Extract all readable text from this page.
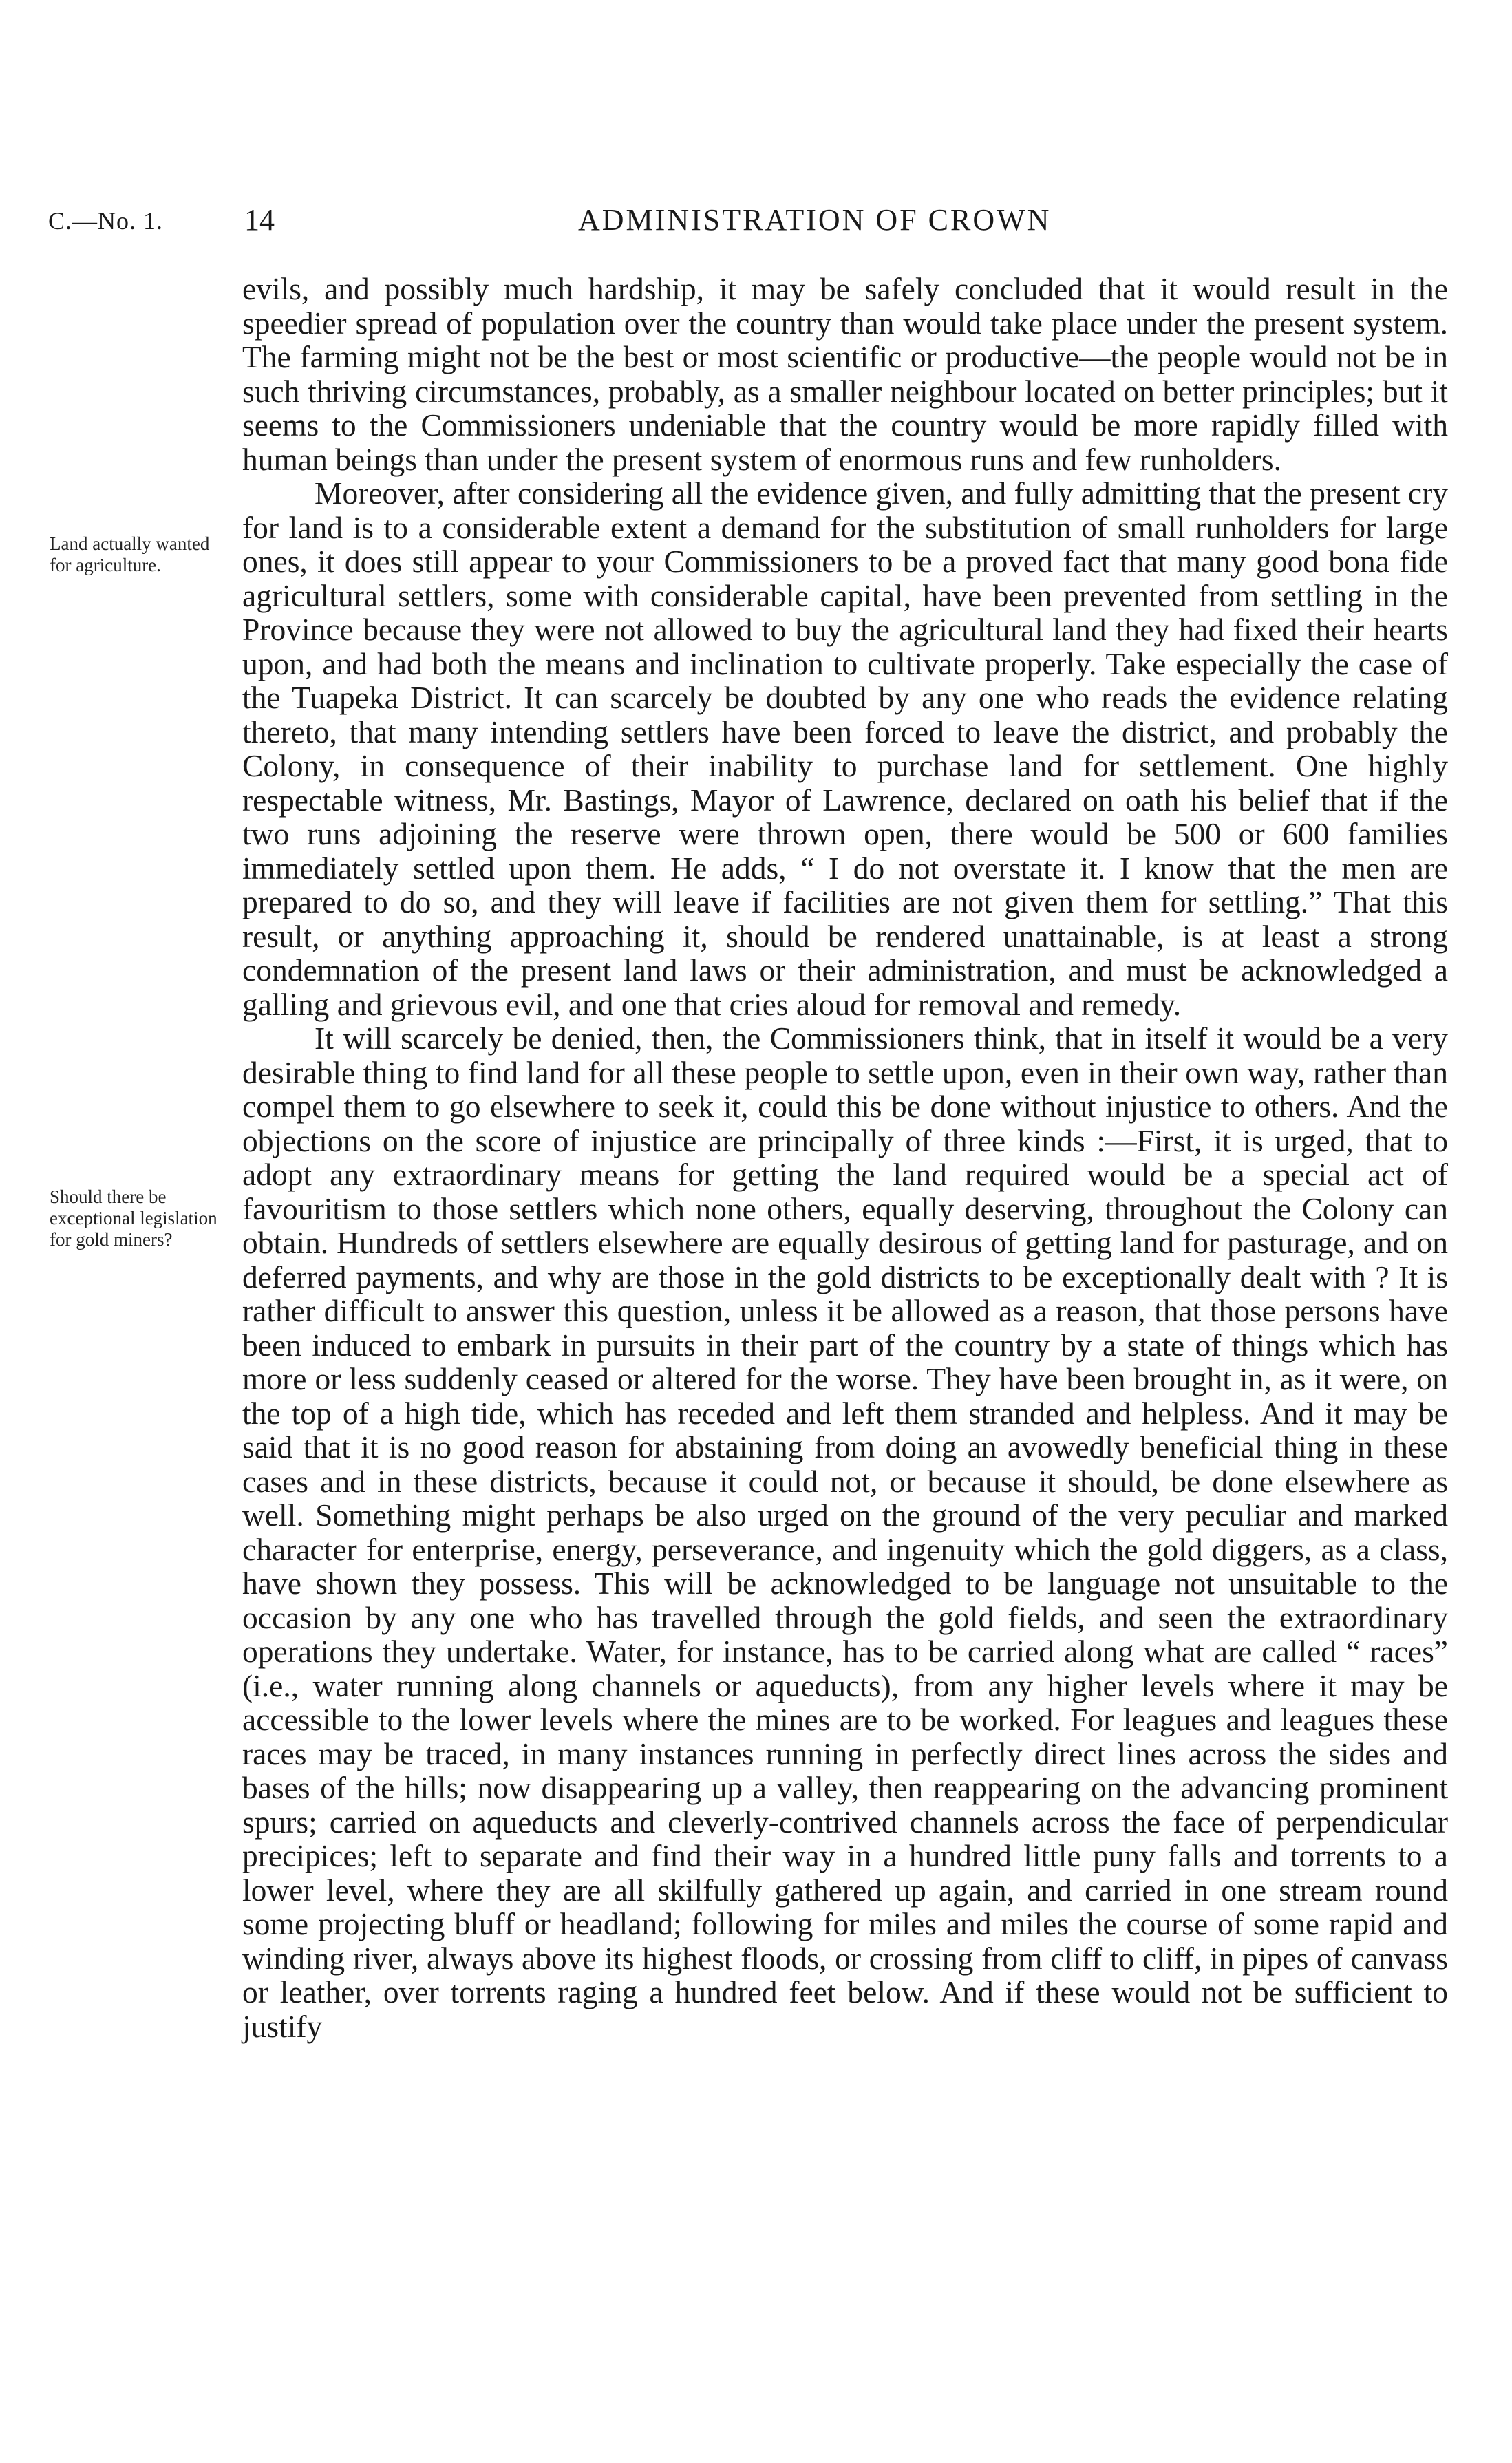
C.—No. 1.	14	ADMINISTRATION OF CROWN
Land actually wanted for agriculture.
Should there be exceptional legislation for gold miners?

evils, and possibly much hardship, it may be safely concluded that it would result in the speedier spread of population over the country than would take place under the present system. The farming might not be the best or most scientific or productive—the people would not be in such thriving circumstances, probably, as a smaller neighbour located on better principles; but it seems to the Commissioners undeniable that the country would be more rapidly filled with human beings than under the present system of enormous runs and few runholders.

Moreover, after considering all the evidence given, and fully admitting that the present cry for land is to a considerable extent a demand for the substitution of small runholders for large ones, it does still appear to your Commissioners to be a proved fact that many good bona fide agricultural settlers, some with considerable capital, have been prevented from settling in the Province because they were not allowed to buy the agricultural land they had fixed their hearts upon, and had both the means and inclination to cultivate properly. Take especially the case of the Tuapeka District. It can scarcely be doubted by any one who reads the evidence relating thereto, that many intending settlers have been forced to leave the district, and probably the Colony, in consequence of their inability to purchase land for settlement. One highly respectable witness, Mr. Bastings, Mayor of Lawrence, declared on oath his belief that if the two runs adjoining the reserve were thrown open, there would be 500 or 600 families immediately settled upon them. He adds, “ I do not overstate it. I know that the men are prepared to do so, and they will leave if facilities are not given them for settling.” That this result, or anything approaching it, should be rendered unattainable, is at least a strong condemnation of the present land laws or their administration, and must be acknowledged a galling and grievous evil, and one that cries aloud for removal and remedy.

It will scarcely be denied, then, the Commissioners think, that in itself it would be a very desirable thing to find land for all these people to settle upon, even in their own way, rather than compel them to go elsewhere to seek it, could this be done without injustice to others. And the objections on the score of injustice are principally of three kinds :—First, it is urged, that to adopt any extraordinary means for getting the land required would be a special act of favouritism to those settlers which none others, equally deserving, throughout the Colony can obtain. Hundreds of settlers elsewhere are equally desirous of getting land for pasturage, and on deferred payments, and why are those in the gold districts to be exceptionally dealt with ? It is rather difficult to answer this question, unless it be allowed as a reason, that those persons have been induced to embark in pursuits in their part of the country by a state of things which has more or less suddenly ceased or altered for the worse. They have been brought in, as it were, on the top of a high tide, which has receded and left them stranded and helpless. And it may be said that it is no good reason for abstaining from doing an avowedly beneficial thing in these cases and in these districts, because it could not, or because it should, be done elsewhere as well. Something might perhaps be also urged on the ground of the very peculiar and marked character for enterprise, energy, perseverance, and ingenuity which the gold diggers, as a class, have shown they possess. This will be acknowledged to be language not unsuitable to the occasion by any one who has travelled through the gold fields, and seen the extraordinary operations they undertake. Water, for instance, has to be carried along what are called “ races” (i.e., water running along channels or aqueducts), from any higher levels where it may be accessible to the lower levels where the mines are to be worked. For leagues and leagues these races may be traced, in many instances running in perfectly direct lines across the sides and bases of the hills; now disappearing up a valley, then reappearing on the advancing prominent spurs; carried on aqueducts and cleverly-contrived channels across the face of perpendicular precipices; left to separate and find their way in a hundred little puny falls and torrents to a lower level, where they are all skilfully gathered up again, and carried in one stream round some projecting bluff or headland; following for miles and miles the course of some rapid and winding river, always above its highest floods, or crossing from cliff to cliff, in pipes of canvass or leather, over torrents raging a hundred feet below. And if these would not be sufficient to justify
